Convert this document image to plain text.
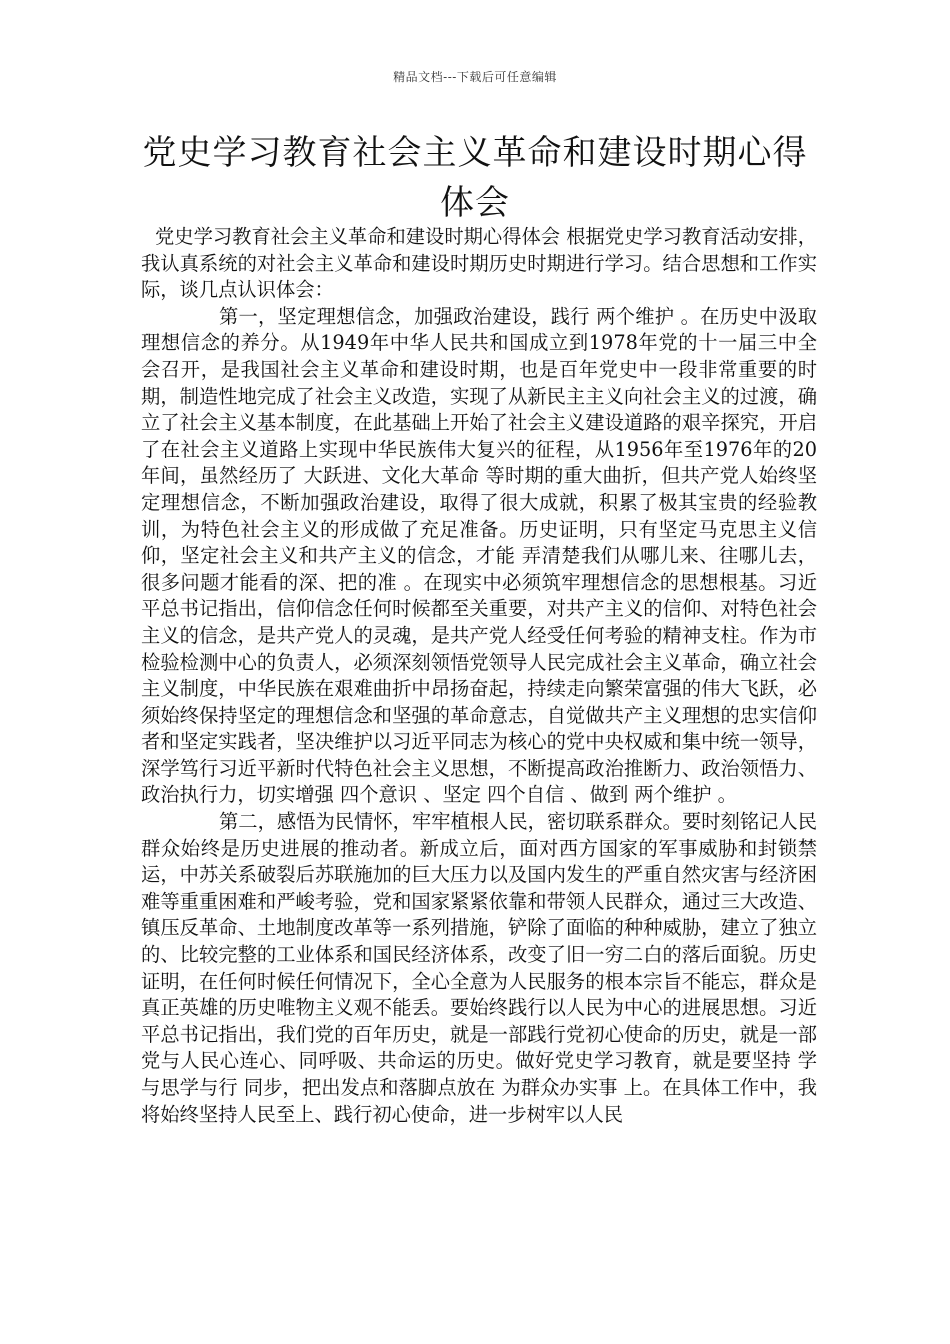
精品文档---下载后可任意编辑
党史学习教育社会主义革命和建设时期心得体会

党史学习教育社会主义革命和建设时期心得体会 根据党史学习教育活动安排，我认真系统的对社会主义革命和建设时期历史时期进行学习。结合思想和工作实际，谈几点认识体会：

第一，坚定理想信念，加强政治建设，践行 两个维护 。在历史中汲取理想信念的养分。从1949年中华人民共和国成立到1978年党的十一届三中全会召开，是我国社会主义革命和建设时期，也是百年党史中一段非常重要的时期，制造性地完成了社会主义改造，实现了从新民主主义向社会主义的过渡，确立了社会主义基本制度，在此基础上开始了社会主义建设道路的艰辛探究，开启了在社会主义道路上实现中华民族伟大复兴的征程，从1956年至1976年的20年间，虽然经历了 大跃进、文化大革命 等时期的重大曲折，但共产党人始终坚定理想信念，不断加强政治建设，取得了很大成就，积累了极其宝贵的经验教训，为特色社会主义的形成做了充足准备。历史证明，只有坚定马克思主义信仰，坚定社会主义和共产主义的信念，才能 弄清楚我们从哪儿来、往哪儿去，很多问题才能看的深、把的准 。在现实中必须筑牢理想信念的思想根基。习近平总书记指出，信仰信念任何时候都至关重要，对共产主义的信仰、对特色社会主义的信念，是共产党人的灵魂，是共产党人经受任何考验的精神支柱。作为市检验检测中心的负责人，必须深刻领悟党领导人民完成社会主义革命，确立社会主义制度，中华民族在艰难曲折中昂扬奋起，持续走向繁荣富强的伟大飞跃，必须始终保持坚定的理想信念和坚强的革命意志，自觉做共产主义理想的忠实信仰者和坚定实践者，坚决维护以习近平同志为核心的党中央权威和集中统一领导，深学笃行习近平新时代特色社会主义思想，不断提高政治推断力、政治领悟力、政治执行力，切实增强 四个意识 、坚定 四个自信 、做到 两个维护 。

第二，感悟为民情怀，牢牢植根人民，密切联系群众。要时刻铭记人民群众始终是历史进展的推动者。新成立后，面对西方国家的军事威胁和封锁禁运，中苏关系破裂后苏联施加的巨大压力以及国内发生的严重自然灾害与经济困难等重重困难和严峻考验，党和国家紧紧依靠和带领人民群众，通过三大改造、镇压反革命、土地制度改革等一系列措施，铲除了面临的种种威胁，建立了独立的、比较完整的工业体系和国民经济体系，改变了旧一穷二白的落后面貌。历史证明，在任何时候任何情况下，全心全意为人民服务的根本宗旨不能忘，群众是真正英雄的历史唯物主义观不能丢。要始终践行以人民为中心的进展思想。习近平总书记指出，我们党的百年历史，就是一部践行党初心使命的历史，就是一部党与人民心连心、同呼吸、共命运的历史。做好党史学习教育，就是要坚持 学与思学与行 同步，把出发点和落脚点放在 为群众办实事 上。在具体工作中，我将始终坚持人民至上、践行初心使命，进一步树牢以人民
